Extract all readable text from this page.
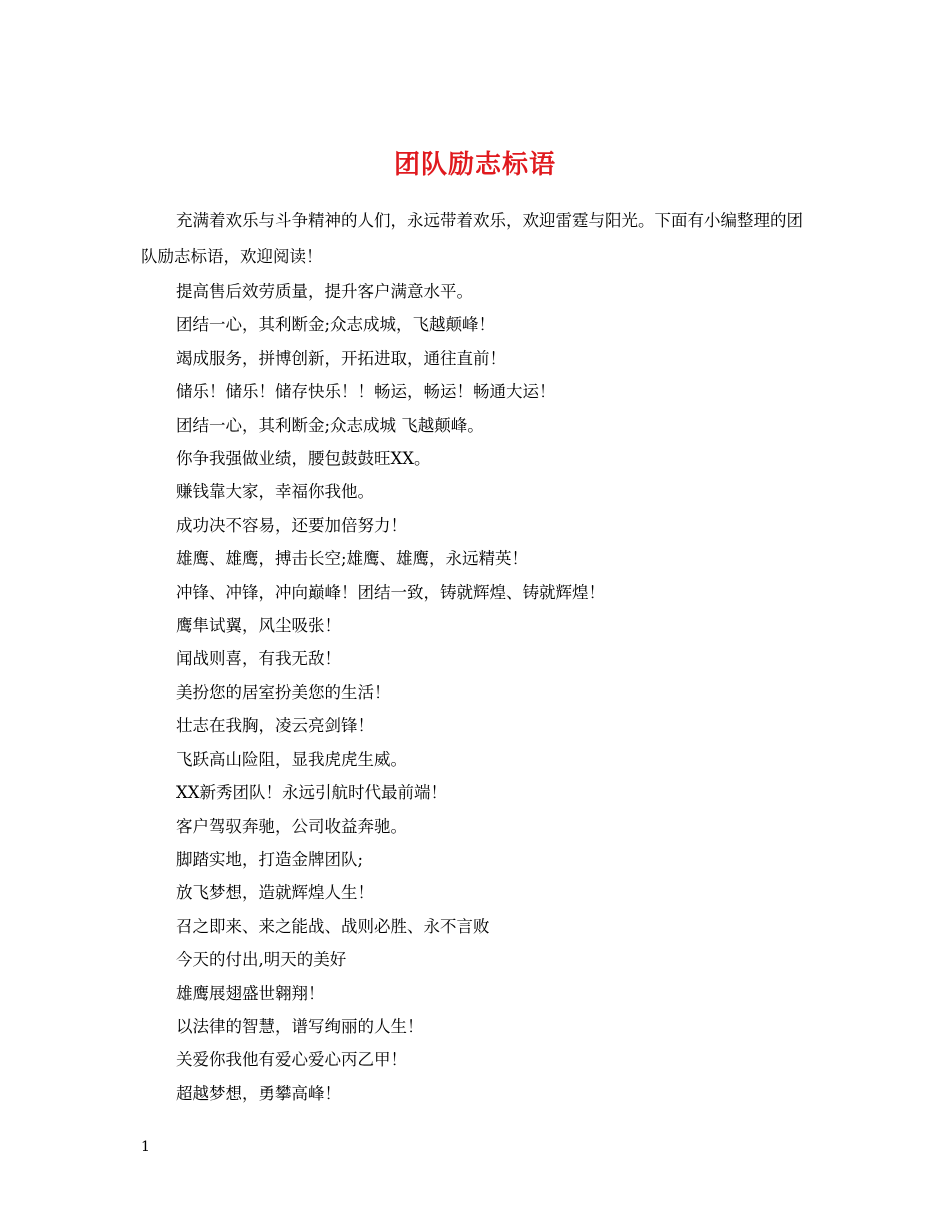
团队励志标语

充满着欢乐与斗争精神的人们，永远带着欢乐，欢迎雷霆与阳光。下面有小编整理的团队励志标语，欢迎阅读！

提高售后效劳质量，提升客户满意水平。

团结一心，其利断金;众志成城，飞越颠峰！

竭成服务，拼博创新，开拓进取，通往直前！

储乐！储乐！储存快乐！！畅运，畅运！畅通大运！

团结一心，其利断金;众志成城 飞越颠峰。

你争我强做业绩，腰包鼓鼓旺XX。

赚钱靠大家，幸福你我他。

成功决不容易，还要加倍努力！

雄鹰、雄鹰，搏击长空;雄鹰、雄鹰，永远精英！

冲锋、冲锋，冲向巅峰！团结一致，铸就辉煌、铸就辉煌！

鹰隼试翼，风尘吸张！

闻战则喜，有我无敌！

美扮您的居室扮美您的生活！

壮志在我胸，凌云亮剑锋！

飞跃高山险阻，显我虎虎生威。

XX新秀团队！永远引航时代最前端！

客户驾驭奔驰，公司收益奔驰。

脚踏实地，打造金牌团队;

放飞梦想，造就辉煌人生！

召之即来、来之能战、战则必胜、永不言败

今天的付出,明天的美好

雄鹰展翅盛世翱翔！

以法律的智慧，谱写绚丽的人生！

关爱你我他有爱心爱心丙乙甲！

超越梦想，勇攀高峰！

1
